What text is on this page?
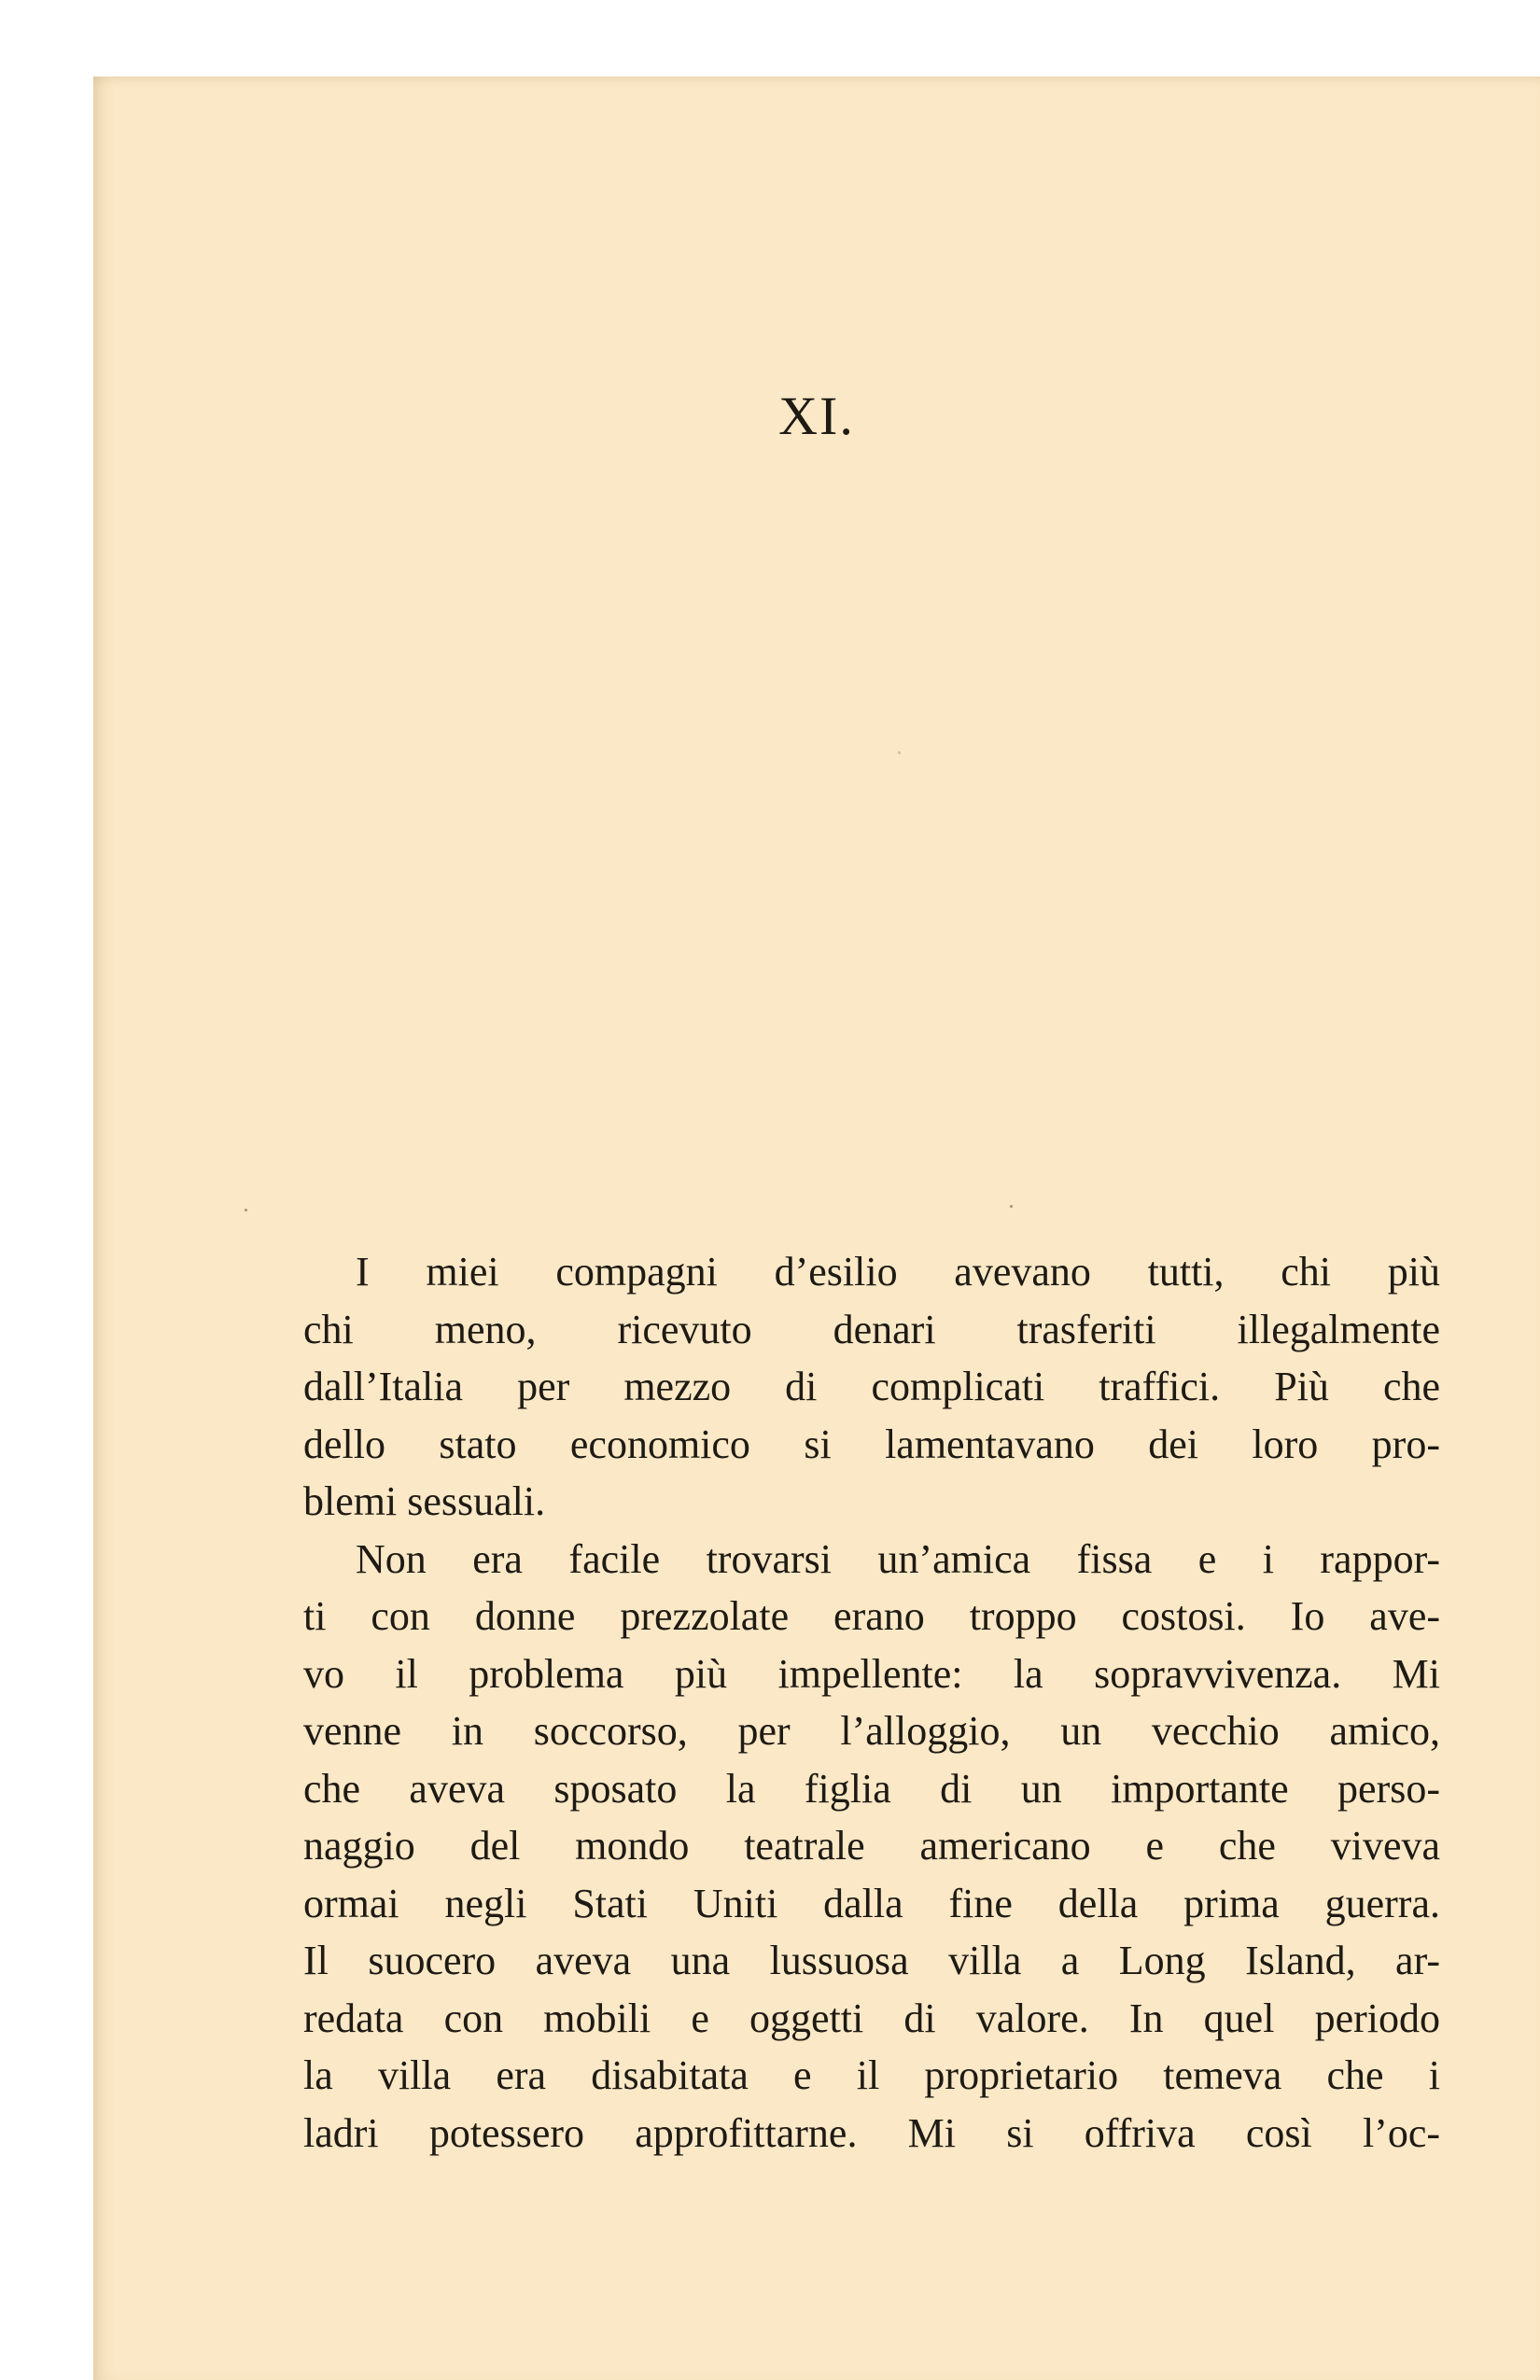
XI.
I miei compagni d’esilio avevano tutti, chi più
chi meno, ricevuto denari trasferiti illegalmente
dall’Italia per mezzo di complicati traffici. Più che
dello stato economico si lamentavano dei loro pro-
blemi sessuali.
Non era facile trovarsi un’amica fissa e i rappor-
ti con donne prezzolate erano troppo costosi. Io ave-
vo il problema più impellente: la sopravvivenza. Mi
venne in soccorso, per l’alloggio, un vecchio amico,
che aveva sposato la figlia di un importante perso-
naggio del mondo teatrale americano e che viveva
ormai negli Stati Uniti dalla fine della prima guerra.
Il suocero aveva una lussuosa villa a Long Island, ar-
redata con mobili e oggetti di valore. In quel periodo
la villa era disabitata e il proprietario temeva che i
ladri potessero approfittarne. Mi si offriva così l’oc-
